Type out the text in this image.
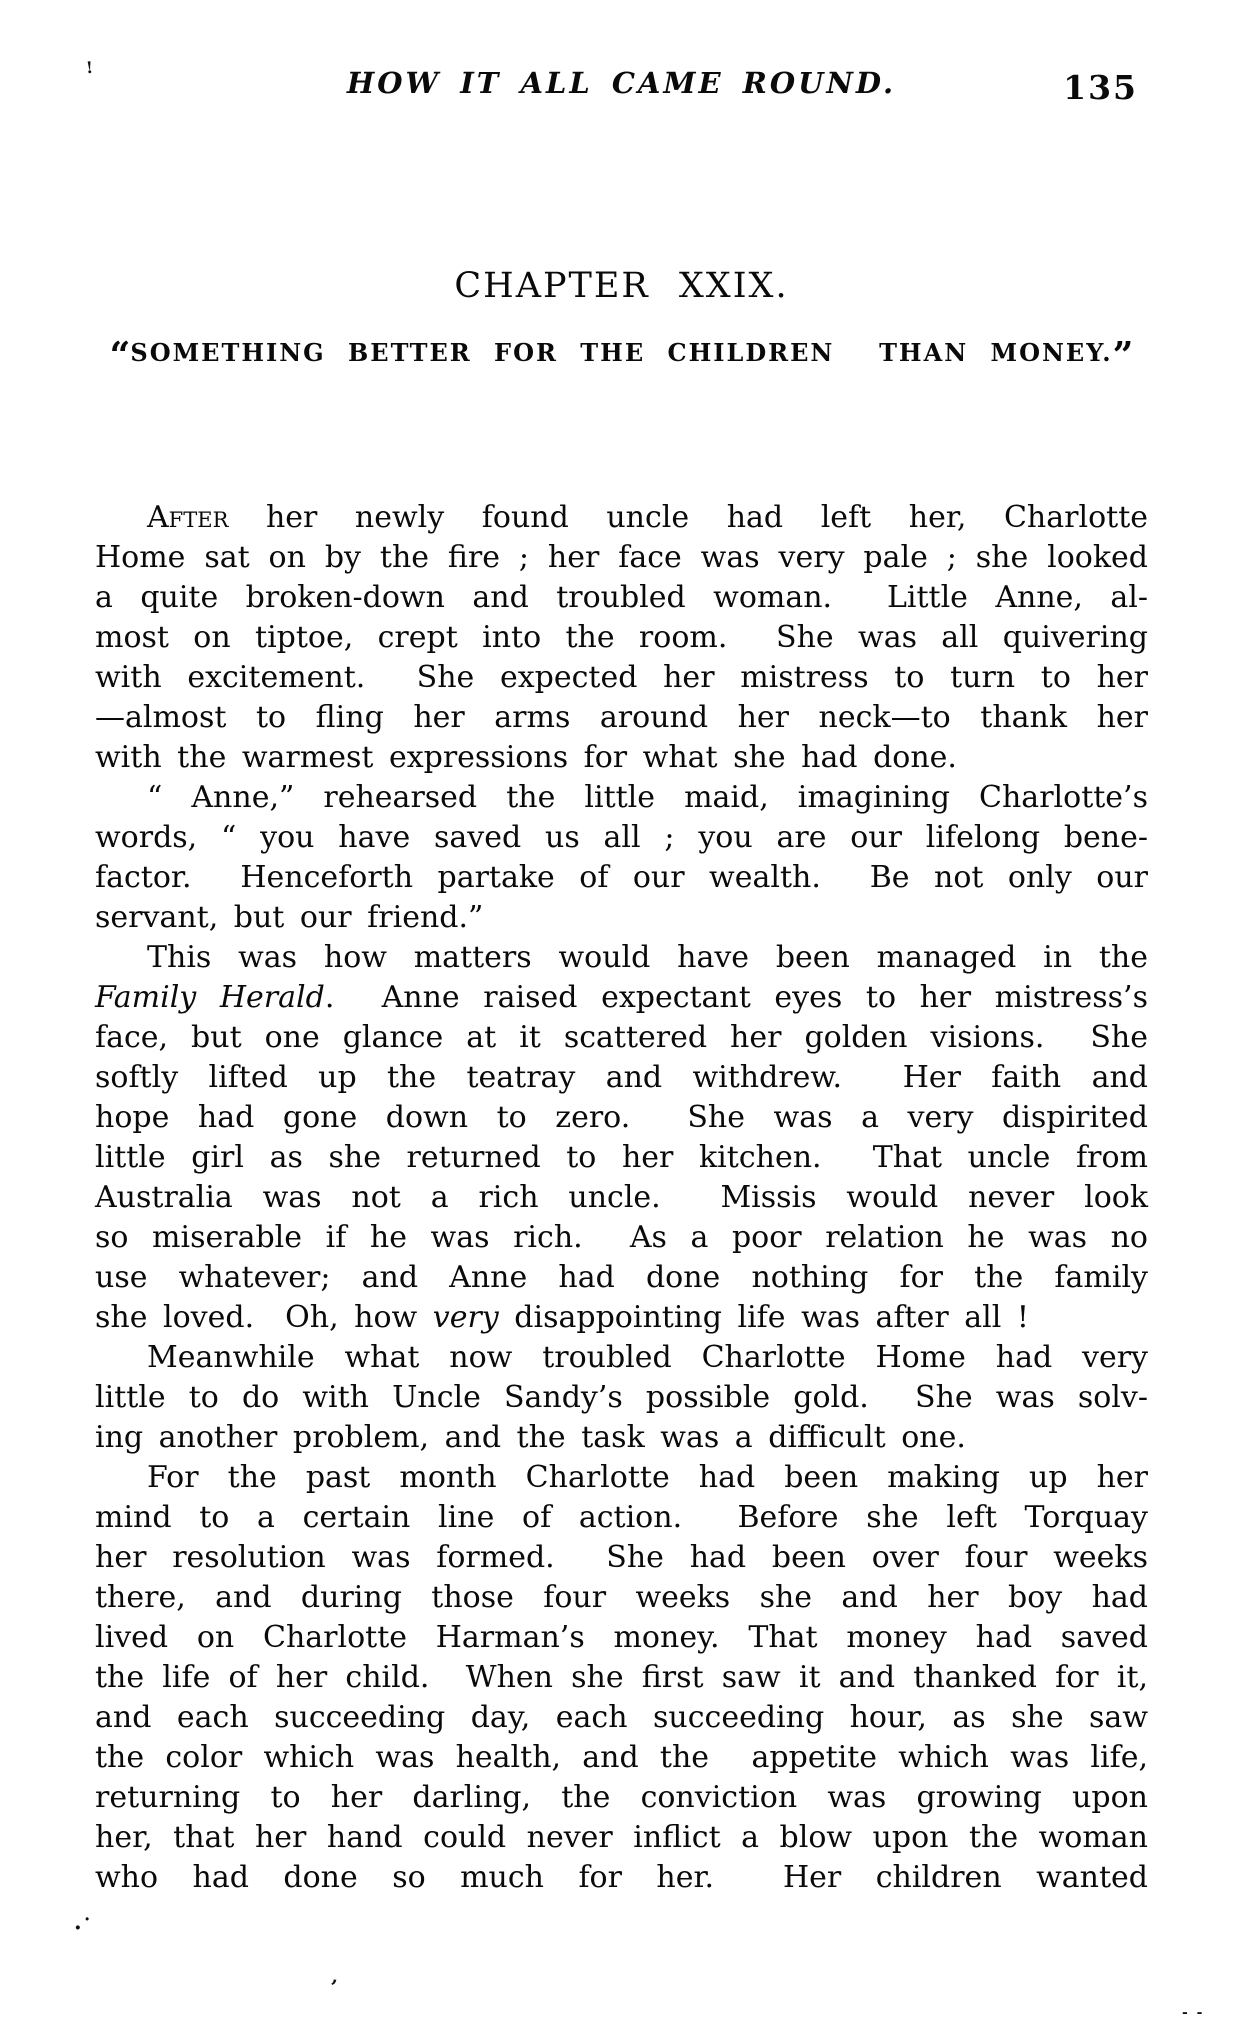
HOW IT ALL CAME ROUND.	135
CHAPTER XXIX.
“SOMETHING BETTER FOR THE CHILDREN  THAN MONEY.”
After her newly found uncle had left her, Charlotte
Home sat on by the fire ; her face was very pale ; she looked
a quite broken-down and troubled woman.  Little Anne, al-
most on tiptoe, crept into the room.  She was all quivering
with excitement.  She expected her mistress to turn to her
—almost to fling her arms around her neck—to thank her
with the warmest expressions for what she had done.
“ Anne,” rehearsed the little maid, imagining Charlotte’s
words, “ you have saved us all ; you are our lifelong bene-
factor.  Henceforth partake of our wealth.  Be not only our
servant, but our friend.”
This was how matters would have been managed in the
Family Herald.  Anne raised expectant eyes to her mistress’s
face, but one glance at it scattered her golden visions.  She
softly lifted up the teatray and withdrew.  Her faith and
hope had gone down to zero.  She was a very dispirited
little girl as she returned to her kitchen.  That uncle from
Australia was not a rich uncle.  Missis would never look
so miserable if he was rich.  As a poor relation he was no
use whatever; and Anne had done nothing for the family
she loved.  Oh, how very disappointing life was after all !
Meanwhile what now troubled Charlotte Home had very
little to do with Uncle Sandy’s possible gold.  She was solv-
ing another problem, and the task was a difficult one.
For the past month Charlotte had been making up her
mind to a certain line of action.  Before she left Torquay
her resolution was formed.  She had been over four weeks
there, and during those four weeks she and her boy had
lived on Charlotte Harman’s money. That money had saved
the life of her child.  When she first saw it and thanked for it,
and each succeeding day, each succeeding hour, as she saw
the color which was health, and the  appetite which was life,
returning to her darling, the conviction was growing upon
her, that her hand could never inflict a blow upon the woman
who had done so much for her.  Her children wanted
!
·˙
’
- -
